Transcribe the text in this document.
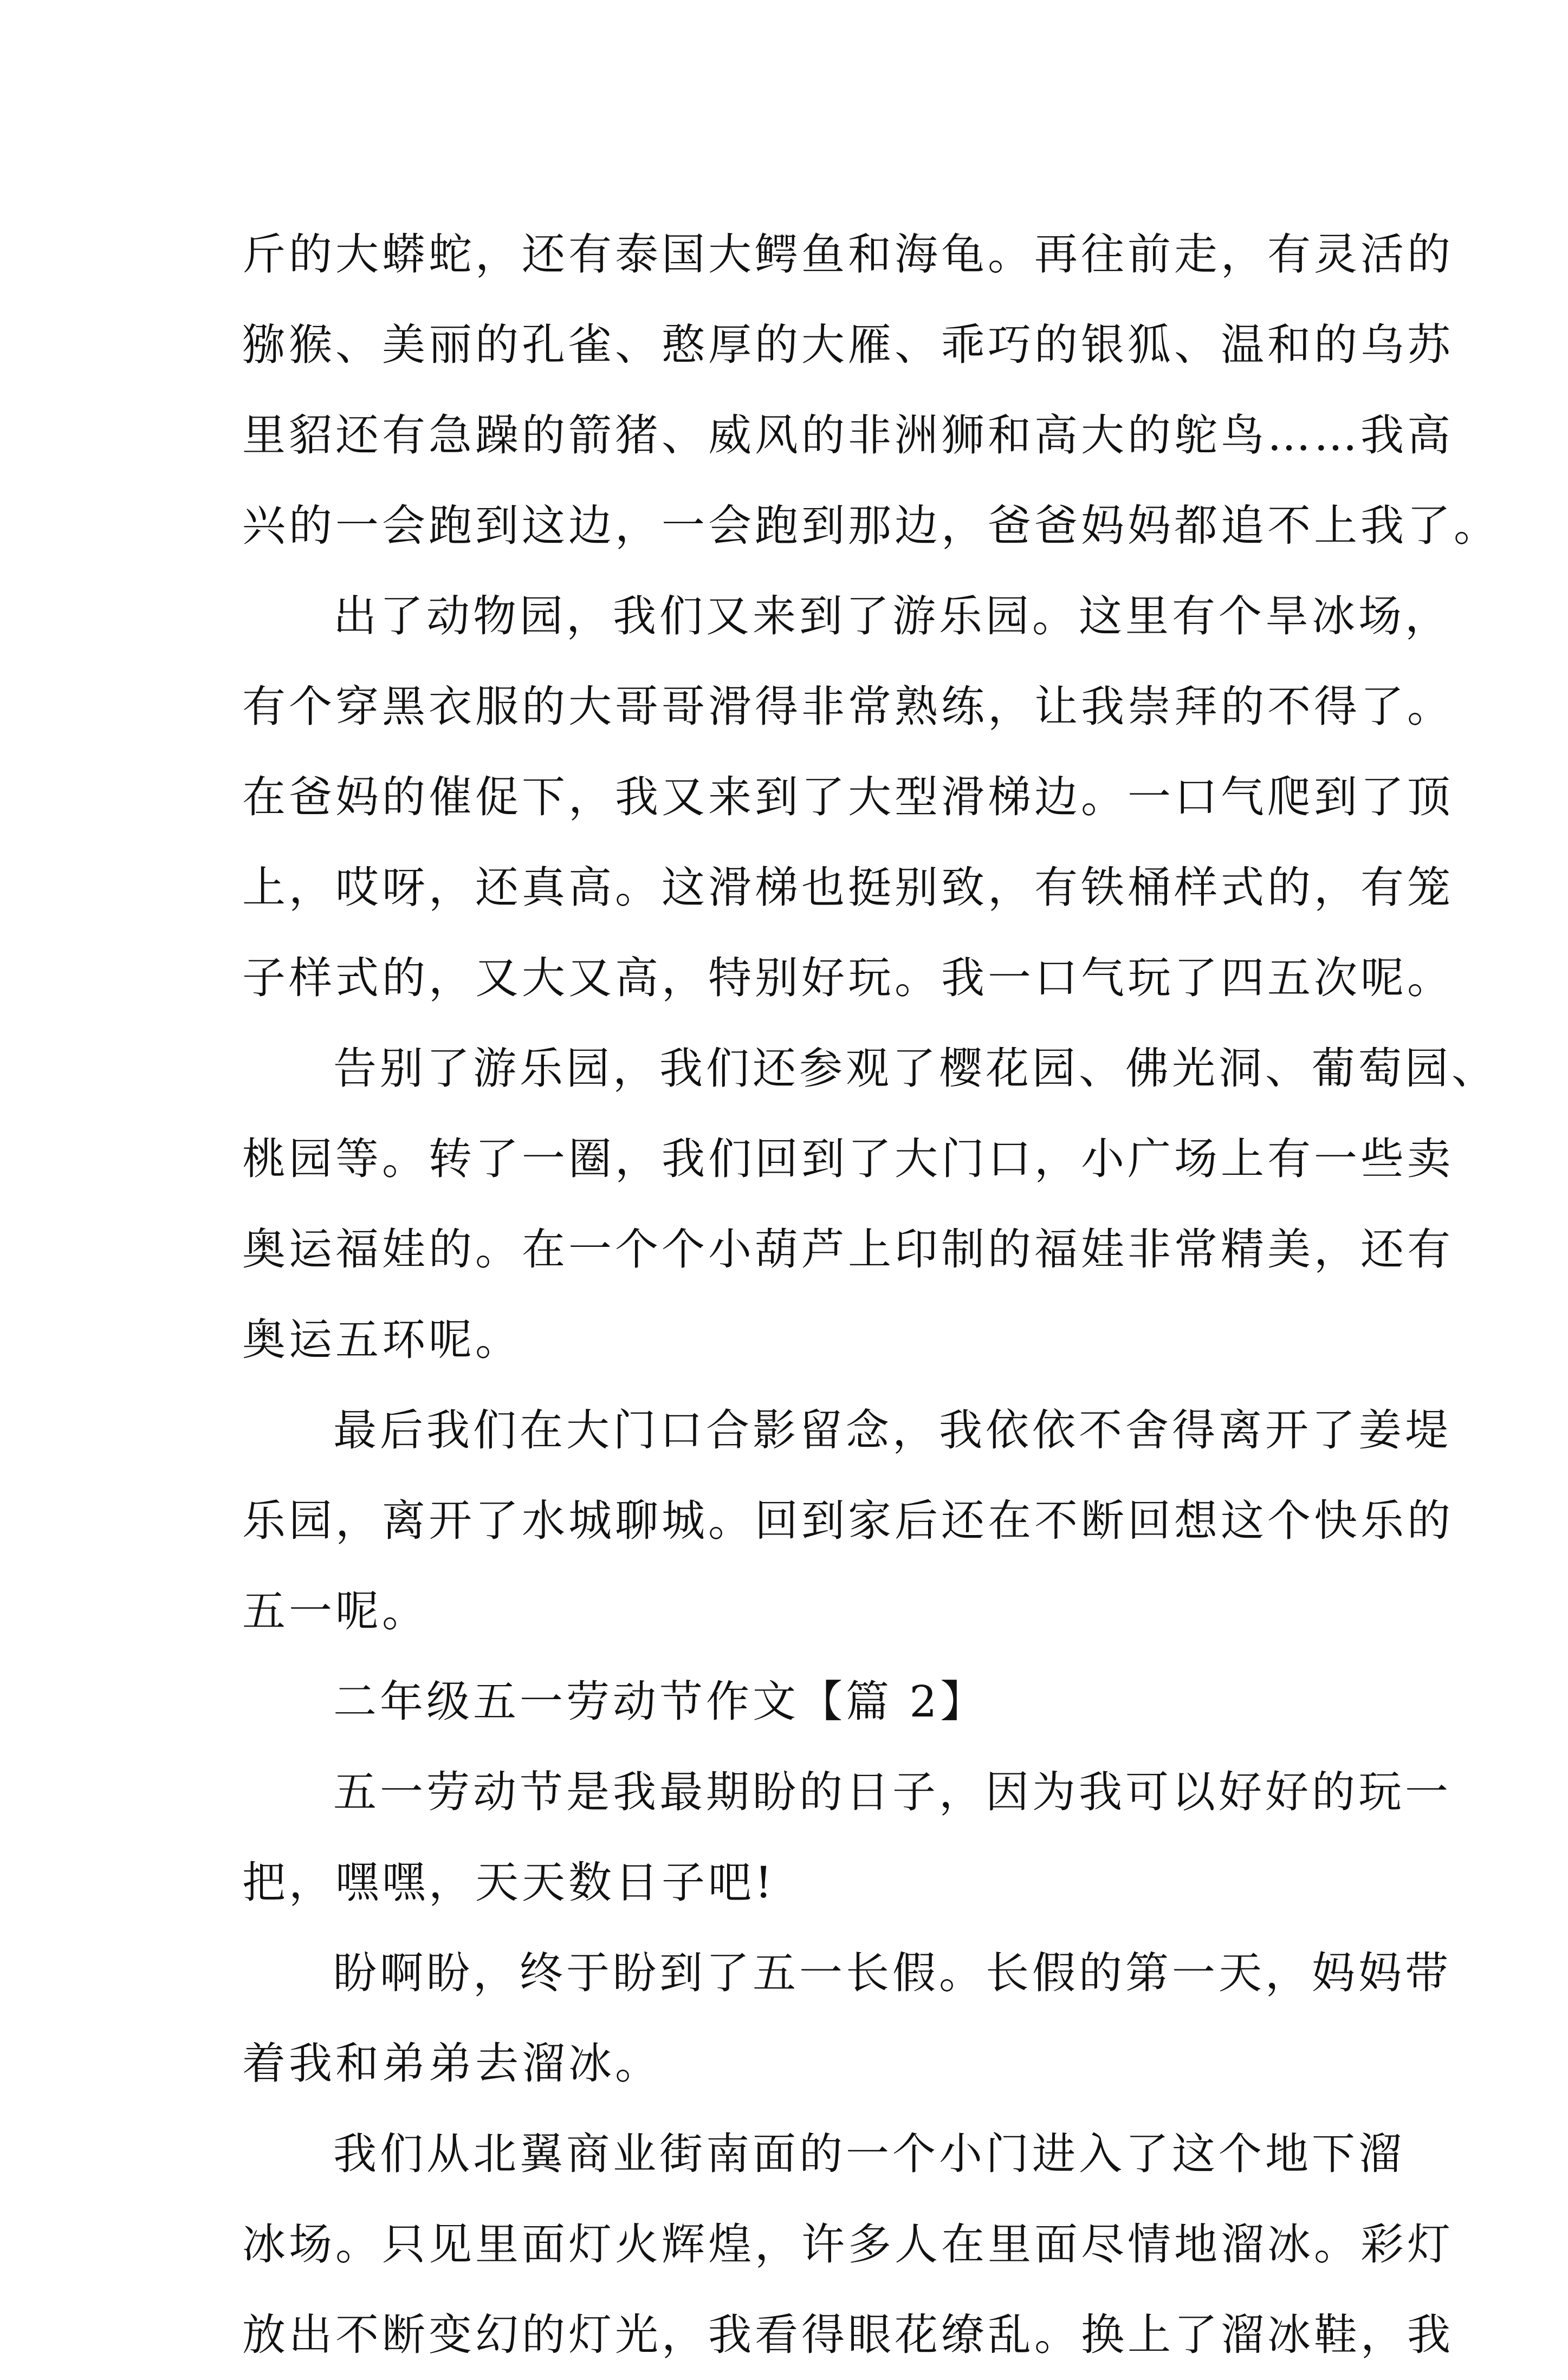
斤的大蟒蛇，还有泰国大鳄鱼和海龟。再往前走，有灵活的
猕猴、美丽的孔雀、憨厚的大雁、乖巧的银狐、温和的乌苏
里貂还有急躁的箭猪、威风的非洲狮和高大的鸵鸟……我高
兴的一会跑到这边，一会跑到那边，爸爸妈妈都追不上我了。
出了动物园，我们又来到了游乐园。这里有个旱冰场，
有个穿黑衣服的大哥哥滑得非常熟练，让我崇拜的不得了。
在爸妈的催促下，我又来到了大型滑梯边。一口气爬到了顶
上，哎呀，还真高。这滑梯也挺别致，有铁桶样式的，有笼
子样式的，又大又高，特别好玩。我一口气玩了四五次呢。
告别了游乐园，我们还参观了樱花园、佛光洞、葡萄园、
桃园等。转了一圈，我们回到了大门口，小广场上有一些卖
奥运福娃的。在一个个小葫芦上印制的福娃非常精美，还有
奥运五环呢。
最后我们在大门口合影留念，我依依不舍得离开了姜堤
乐园，离开了水城聊城。回到家后还在不断回想这个快乐的
五一呢。
二年级五一劳动节作文【篇 2】
五一劳动节是我最期盼的日子，因为我可以好好的玩一
把，嘿嘿，天天数日子吧!
盼啊盼，终于盼到了五一长假。长假的第一天，妈妈带
着我和弟弟去溜冰。
我们从北翼商业街南面的一个小门进入了这个地下溜
冰场。只见里面灯火辉煌，许多人在里面尽情地溜冰。彩灯
放出不断变幻的灯光，我看得眼花缭乱。换上了溜冰鞋，我
